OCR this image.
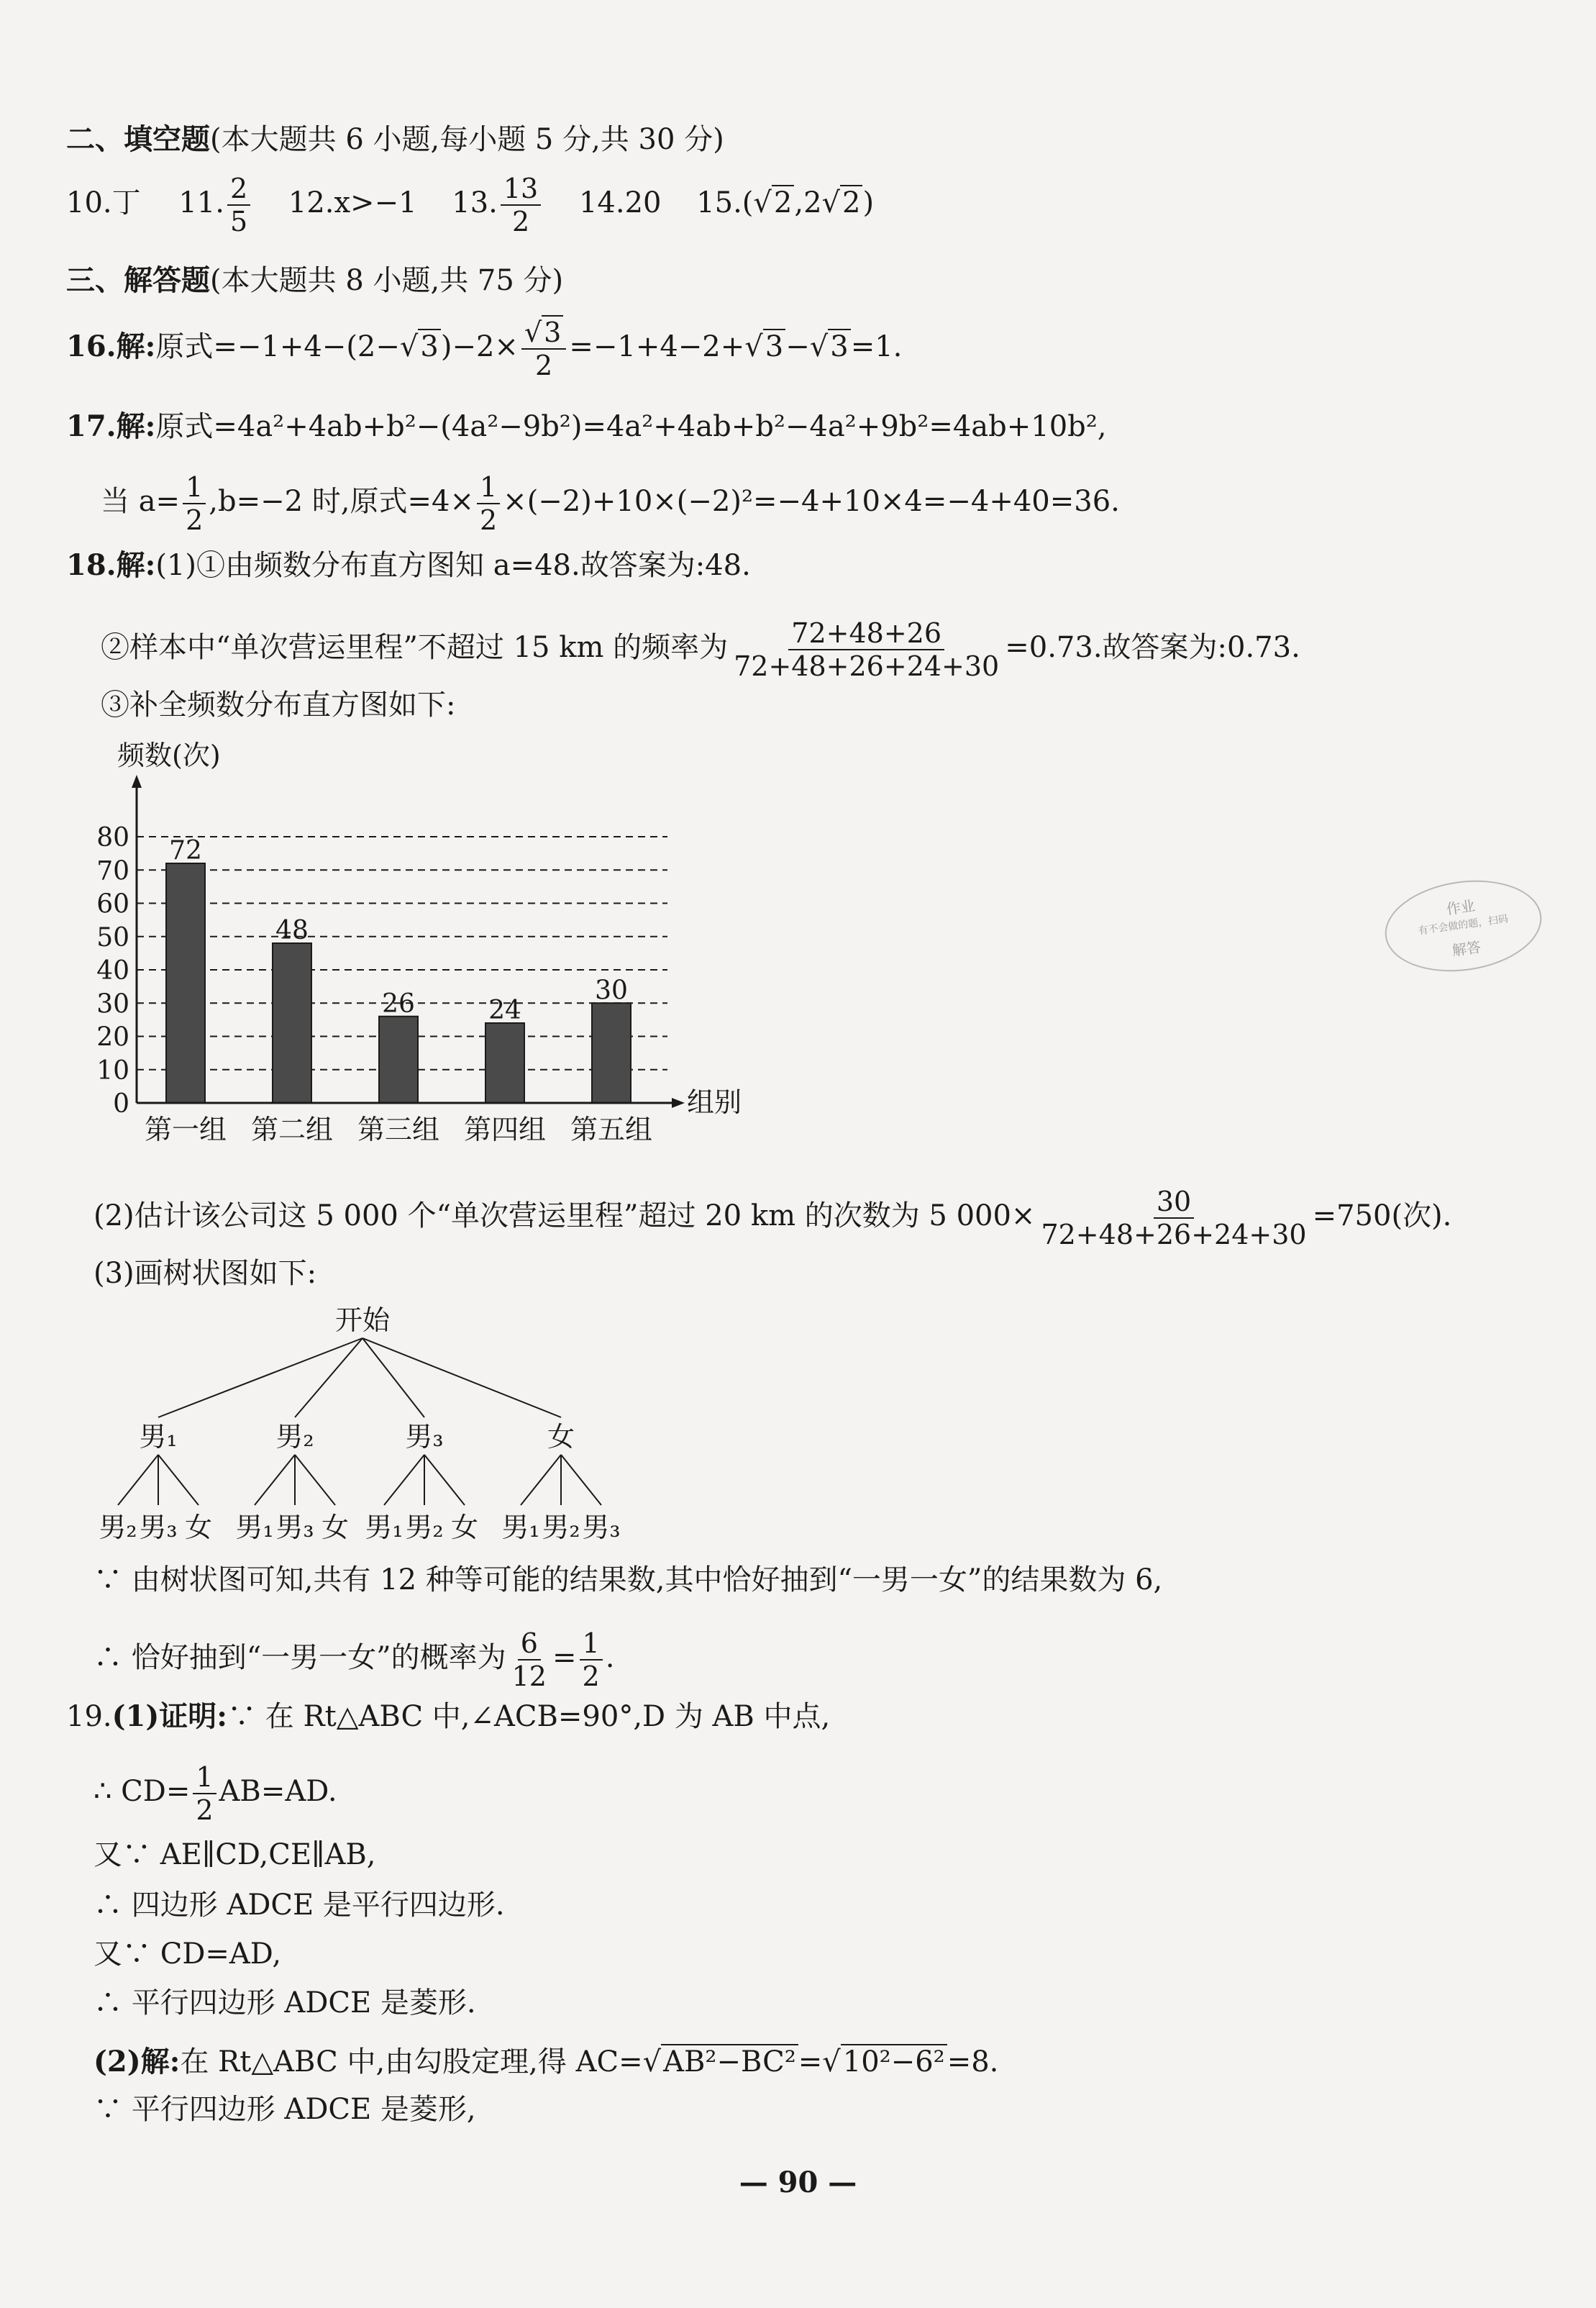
二、填空题(本大题共 6 小题,每小题 5 分,共 30 分)
10.丁 11. $\frac{2}{5} 12.x>-1$ 13. $\frac{13}{2} 14.20$ 15.(√2,2√2)
三、解答题(本大题共 8 小题,共 75 分)
16.解:原式$=-1+4-(2-√3)-2\times \frac{√3}{2} =-1+4-2+√3-√3=1$.
17.解:原式=4a²+4ab+b²−(4a²−9b²)=4a²+4ab+b²−4a²+9b²=4ab+10b²,
当 $a= \frac{1}{2} ,b=-2$ 时,原式$=4\times \frac{1}{2} \times(-2)+10\times(-2)^2=-4+10\times 4=-4+40=36$.
18.解:(1)①由频数分布直方图知 a=48.故答案为:48.
②样本中“单次营运里程”不超过 15 km 的频率为 $\frac{72+48+26}{72+48+26+24+30} =0.73$.故答案为:0.73.
③补全频数分布直方图如下:
频数(次)
0
10
20
30
40
50
60
70
80 72
48
26	24
30
第一组 第二组 第三组 第四组 第五组
组别
(2)估计该公司这 5 000 个“单次营运里程”超过 20 km 的次数为 5 $000\times \frac{30}{72+48+26+24+30} =750$(次).
(3)画树状图如下:
开始
男₁	男₂	男₃	女
男₂ 男₃ 女 男₁ 男₃ 女 男₁ 男₂ 女 男₁ 男₂ 男₃
∵ 由树状图可知,共有 12 种等可能的结果数,其中恰好抽到“一男一女”的结果数为 6,
∴ 恰好抽到“一男一女”的概率为 $\frac{6}{12} = \frac{1}{2}$ .
19.(1)证明:∵ 在 Rt△ABC 中,∠ACB=90°,D 为 AB 中点,
∴ $CD= \frac{1}{2} AB=AD$.
又∵ AE∥CD,CE∥AB,
∴ 四边形 ADCE 是平行四边形.
又∵ CD=AD,
∴ 平行四边形 ADCE 是菱形.
(2)解:在 Rt△ABC 中,由勾股定理,得 AC=√AB²−BC²=√10²−6²=8.
∵ 平行四边形 ADCE 是菱形,
— 90 —
作业
有不会做的题，扫码
解答
